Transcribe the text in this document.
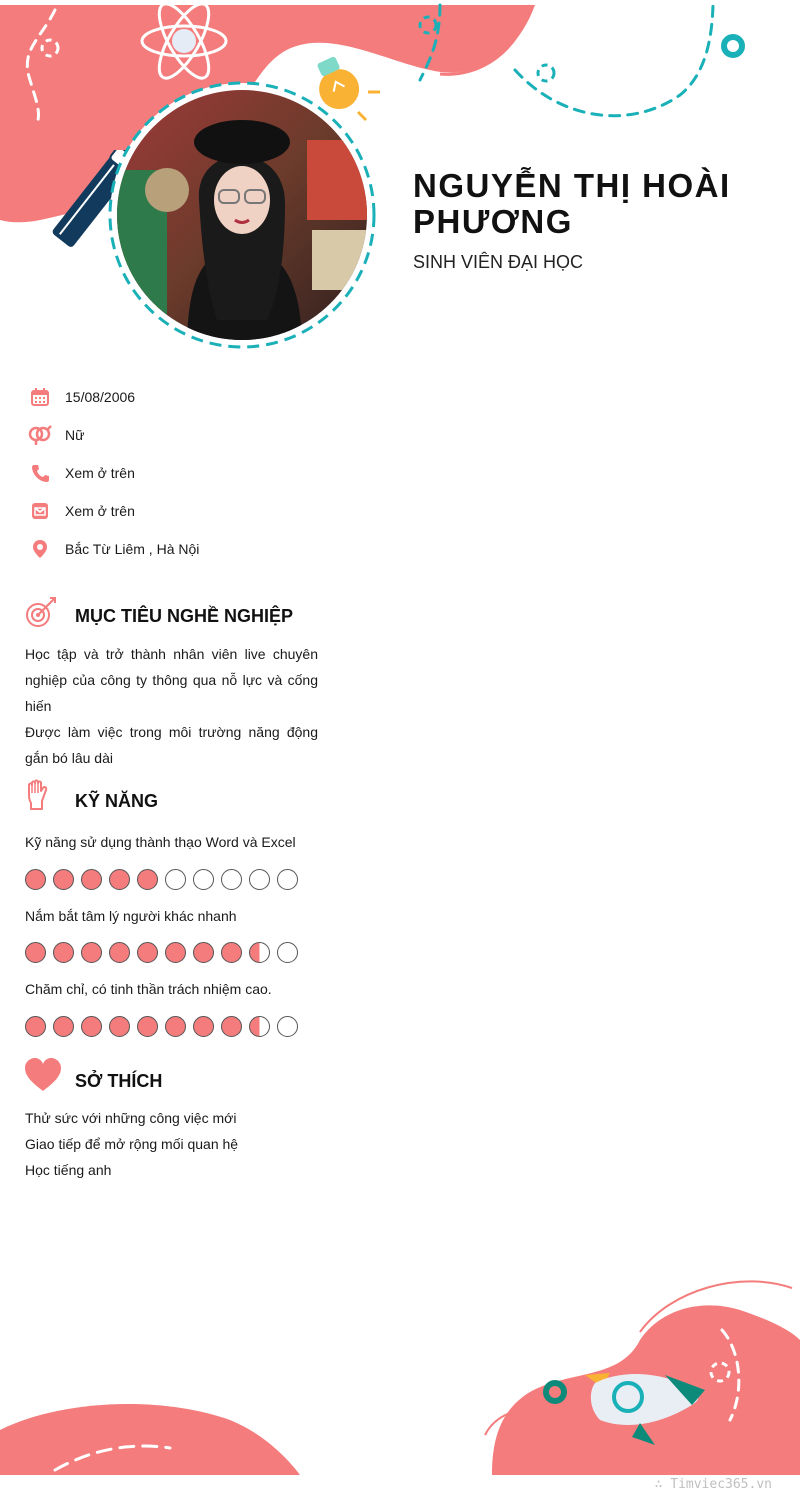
NGUYỄN THỊ HOÀI
PHƯƠNG
SINH VIÊN ĐẠI HỌC
15/08/2006
Nữ
Xem ở trên
Xem ở trên
Bắc Từ Liêm , Hà Nội
MỤC TIÊU NGHỀ NGHIỆP
Học tập và trở thành nhân viên live chuyên nghiệp của công ty thông qua nỗ lực và cống hiến
Được làm việc trong môi trường năng động gắn bó lâu dài
KỸ NĂNG
Kỹ năng sử dụng thành thạo Word và Excel
Nắm bắt tâm lý người khác nhanh
Chăm chỉ, có tinh thần trách nhiệm cao.
SỞ THÍCH
Thử sức với những công việc mới
Giao tiếp để mở rộng mối quan hệ
Học tiếng anh
∴ Timviec365.vn
